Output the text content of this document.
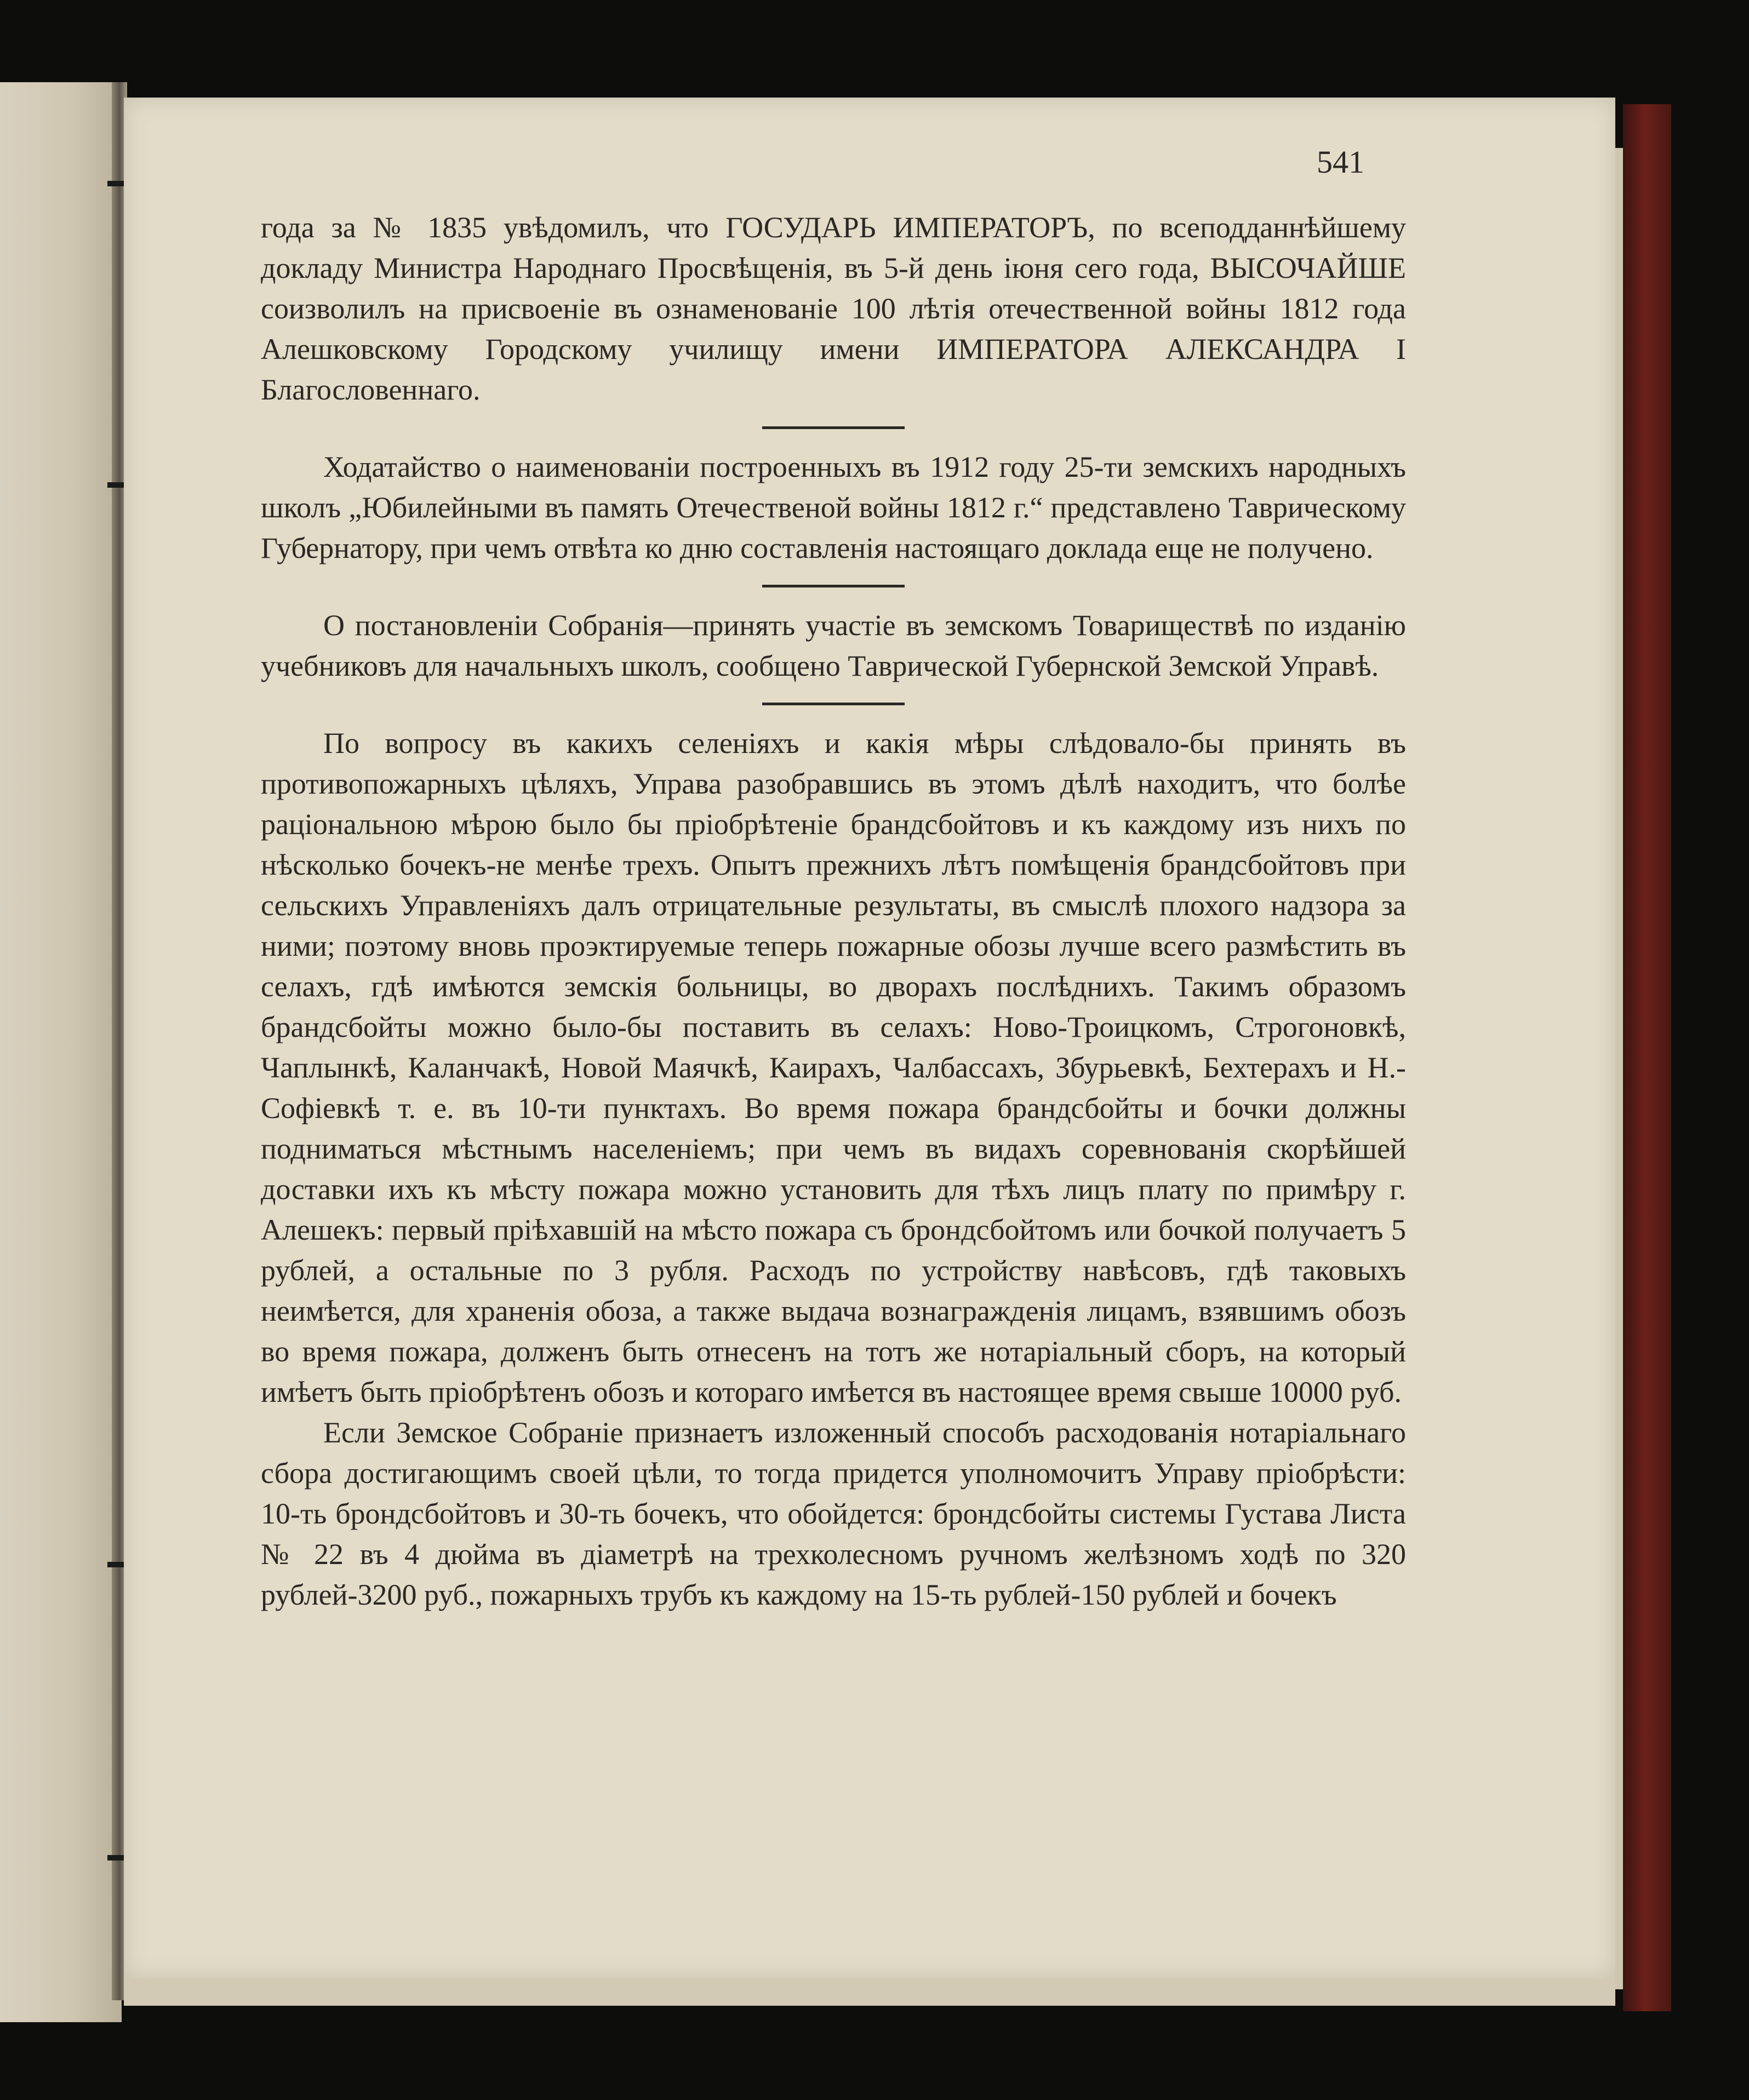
541

года за № 1835 увѣдомилъ, что ГОСУДАРЬ ИМПЕРАТОРЪ, по всеподданнѣйшему докладу Министра Народнаго Просвѣщенія, въ 5-й день іюня сего года, ВЫСОЧАЙШЕ соизволилъ на присвоеніе въ ознаменованіе 100 лѣтія отечественной войны 1812 года Алешковскому Городскому училищу имени ИМПЕРАТОРА АЛЕКСАНДРА I Благословеннаго.

Ходатайство о наименованіи построенныхъ въ 1912 году 25-ти земскихъ народныхъ школъ „Юбилейными въ память Отечественой войны 1812 г.“ представлено Таврическому Губернатору, при чемъ отвѣта ко дню составленія настоящаго доклада еще не получено.

О постановленіи Собранія—принять участіе въ земскомъ Товариществѣ по изданію учебниковъ для начальныхъ школъ, сообщено Таврической Губернской Земской Управѣ.

По вопросу въ какихъ селеніяхъ и какія мѣры слѣдовало-бы принять въ противопожарныхъ цѣляхъ, Управа разобравшись въ этомъ дѣлѣ находитъ, что болѣе раціональною мѣрою было бы пріобрѣтеніе брандсбойтовъ и къ каждому изъ нихъ по нѣсколько бочекъ-не менѣе трехъ. Опытъ прежнихъ лѣтъ помѣщенія брандсбойтовъ при сельскихъ Управленіяхъ далъ отрицательные результаты, въ смыслѣ плохого надзора за ними; поэтому вновь проэктируемые теперь пожарные обозы лучше всего размѣстить въ селахъ, гдѣ имѣются земскія больницы, во дворахъ послѣднихъ. Такимъ образомъ брандсбойты можно было-бы поставить въ селахъ: Ново-Троицкомъ, Строгоновкѣ, Чаплынкѣ, Каланчакѣ, Новой Маячкѣ, Каирахъ, Чалбассахъ, Збурьевкѣ, Бехтерахъ и Н.-Софіевкѣ т. е. въ 10-ти пунктахъ. Во время пожара брандсбойты и бочки должны подниматься мѣстнымъ населеніемъ; при чемъ въ видахъ соревнованія скорѣйшей доставки ихъ къ мѣсту пожара можно установить для тѣхъ лицъ плату по примѣру г. Алешекъ: первый пріѣхавшій на мѣсто пожара съ брондсбойтомъ или бочкой получаетъ 5 рублей, а остальные по 3 рубля. Расходъ по устройству навѣсовъ, гдѣ таковыхъ неимѣется, для храненія обоза, а также выдача вознагражденія лицамъ, взявшимъ обозъ во время пожара, долженъ быть отнесенъ на тотъ же нотаріальный сборъ, на который имѣетъ быть пріобрѣтенъ обозъ и котораго имѣется въ настоящее время свыше 10000 руб.

Если Земское Собраніе признаетъ изложенный способъ расходованія нотаріальнаго сбора достигающимъ своей цѣли, то тогда придется уполномочитъ Управу пріобрѣсти: 10-ть брондсбойтовъ и 30-ть бочекъ, что обойдется: брондсбойты системы Густава Листа № 22 въ 4 дюйма въ діаметрѣ на трехколесномъ ручномъ желѣзномъ ходѣ по 320 рублей-3200 руб., пожарныхъ трубъ къ каждому на 15-ть рублей-150 рублей и бочекъ
